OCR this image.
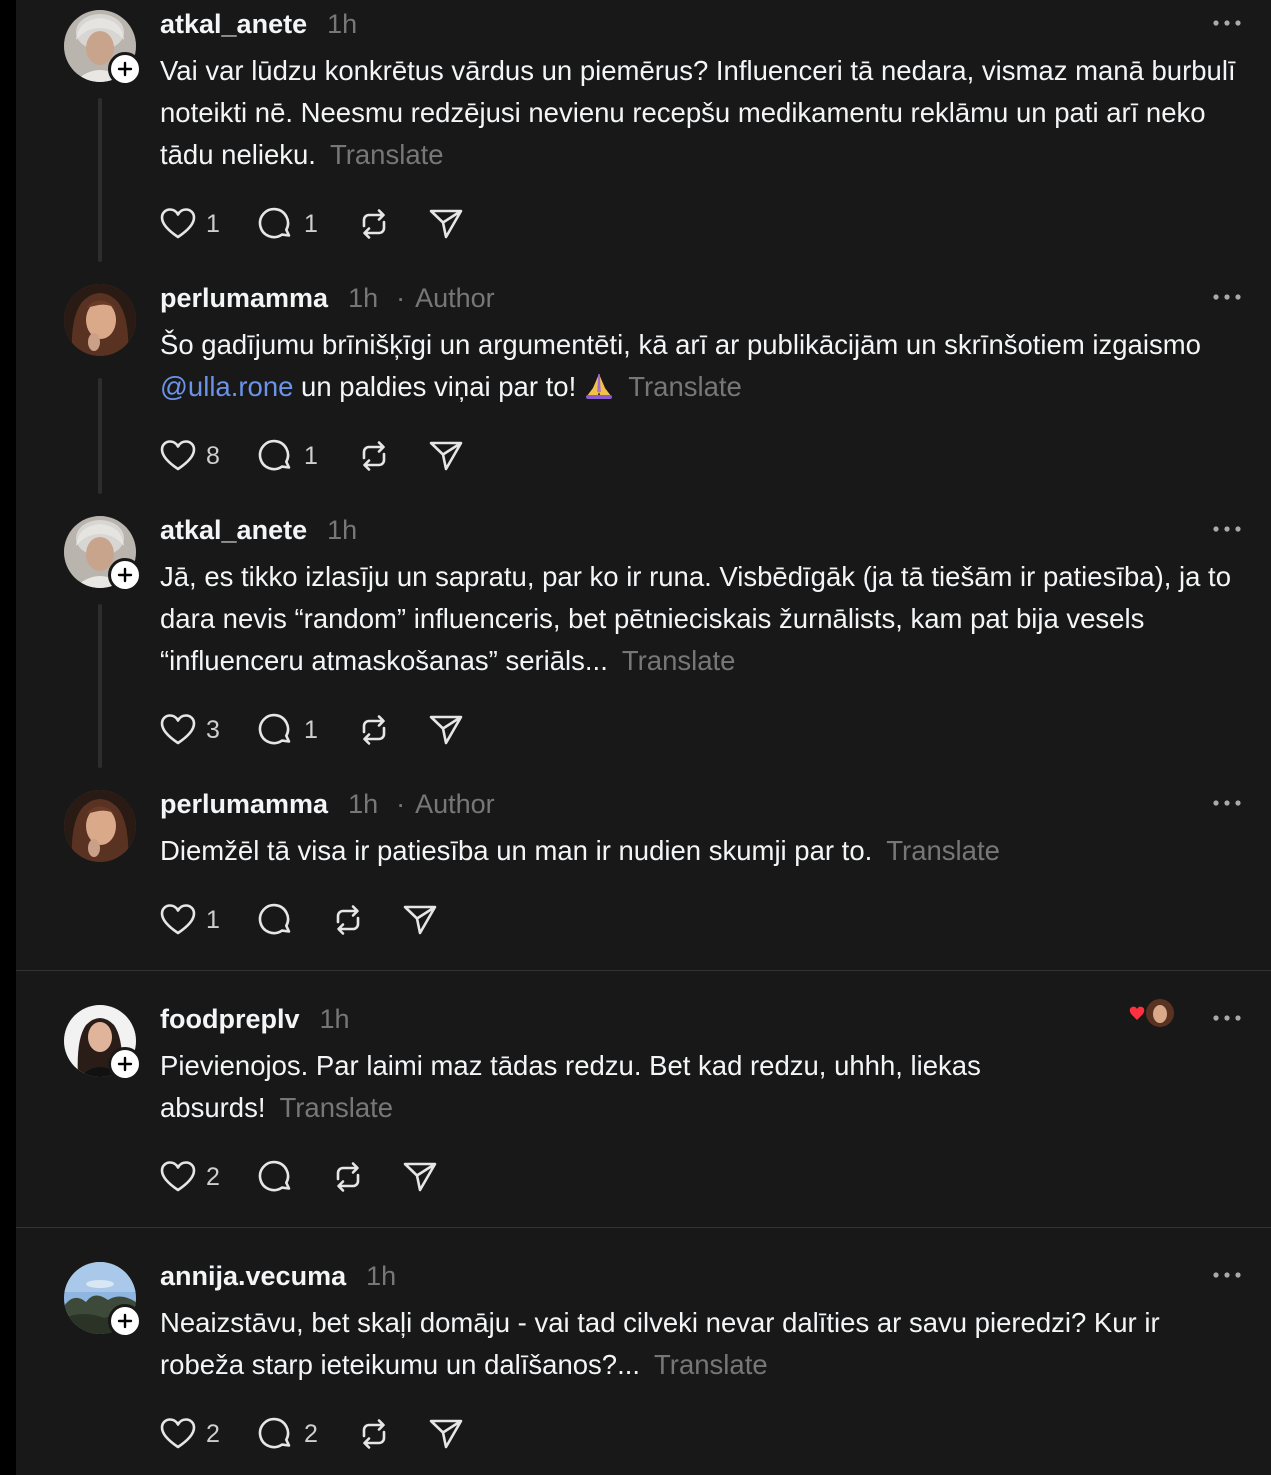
atkal_anete 1h

Vai var lūdzu konkrētus vārdus un piemērus? Influenceri tā nedara, vismaz manā burbulī noteikti nē. Neesmu redzējusi nevienu recepšu medikamentu reklāmu un pati arī neko tādu nelieku. Translate

1	1
perlumamma 1h · Author

Šo gadījumu brīnišķīgi un argumentēti, kā arī ar publikācijām un skrīnšotiem izgaismo @ulla.rone un paldies viņai par to! Translate

8	1
atkal_anete 1h

Jā, es tikko izlasīju un sapratu, par ko ir runa. Visbēdīgāk (ja tā tiešām ir patiesība), ja to dara nevis “random” influenceris, bet pētnieciskais žurnālists, kam pat bija vesels “influenceru atmaskošanas” seriāls... Translate

3	1
perlumamma 1h · Author

Diemžēl tā visa ir patiesība un man ir nudien skumji par to. Translate

1
foodpreplv 1h

Pievienojos. Par laimi maz tādas redzu. Bet kad redzu, uhhh, liekas absurds! Translate

2
annija.vecuma 1h

Neaizstāvu, bet skaļi domāju - vai tad cilveki nevar dalīties ar savu pieredzi? Kur ir robeža starp ieteikumu un dalīšanos?... Translate

2	2
